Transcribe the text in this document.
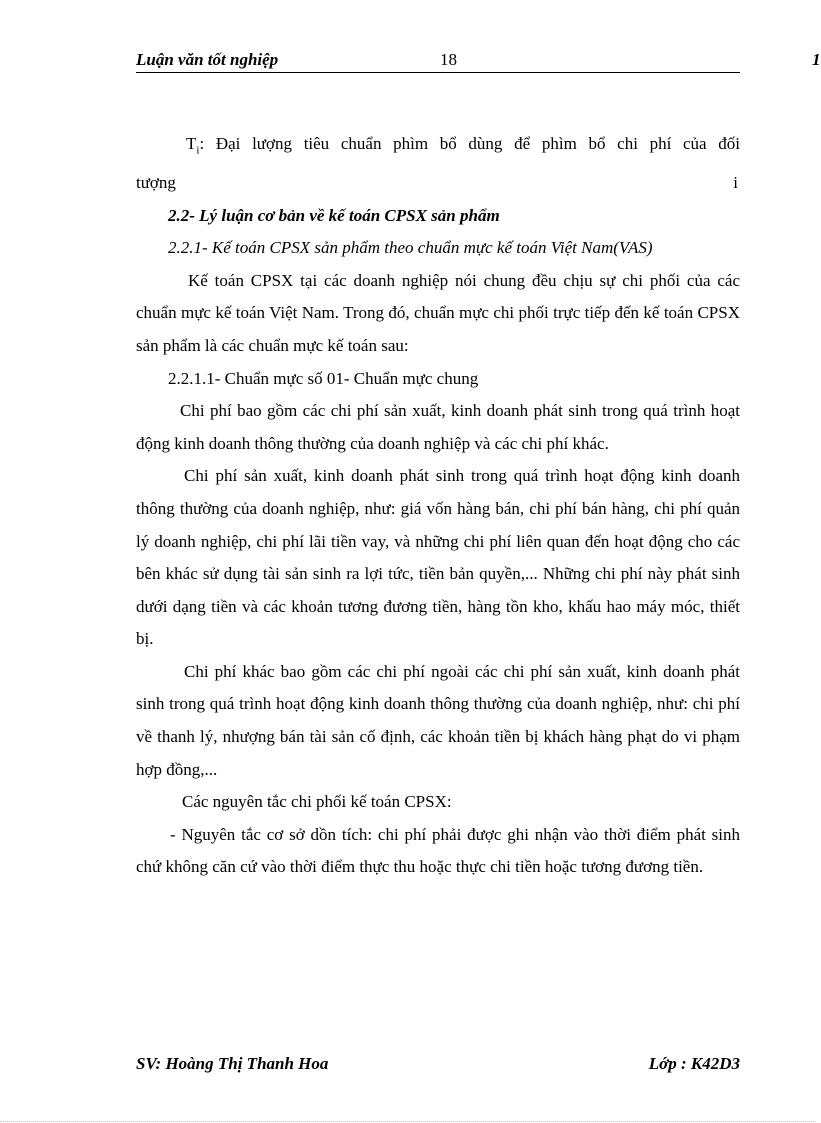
Luận văn tốt nghiệp	18	1

$T_i$: Đại lượng tiêu chuẩn phìm bổ dùng để phìm bổ chi phí của đối

tượng	i

2.2- Lý luận cơ bản về kế toán CPSX sản phẩm

2.2.1- Kế toán CPSX sản phẩm theo chuẩn mực kế toán Việt Nam(VAS)

Kế toán CPSX tại các doanh nghiệp nói chung đều chịu sự chi phối của các chuẩn mực kế toán Việt Nam. Trong đó, chuẩn mực chi phối trực tiếp đến kế toán CPSX sản phẩm là các chuẩn mực kế toán sau:

2.2.1.1- Chuẩn mực số 01- Chuẩn mực chung

Chi phí bao gồm các chi phí sản xuất, kinh doanh phát sinh trong quá trình hoạt động kinh doanh thông thường của doanh nghiệp và các chi phí khác.

Chi phí sản xuất, kinh doanh phát sinh trong quá trình hoạt động kinh doanh thông thường của doanh nghiệp, như: giá vốn hàng bán, chi phí bán hàng, chi phí quản lý doanh nghiệp, chi phí lãi tiền vay, và những chi phí liên quan đến hoạt động cho các bên khác sử dụng tài sản sinh ra lợi tức, tiền bản quyền,... Những chi phí này phát sinh dưới dạng tiền và các khoản tương đương tiền, hàng tồn kho, khấu hao máy móc, thiết bị.

Chi phí khác bao gồm các chi phí ngoài các chi phí sản xuất, kinh doanh phát sinh trong quá trình hoạt động kinh doanh thông thường của doanh nghiệp, như: chi phí về thanh lý, nhượng bán tài sản cố định, các khoản tiền bị khách hàng phạt do vi phạm hợp đồng,...

Các nguyên tắc chi phối kế toán CPSX:

- Nguyên tắc cơ sở dồn tích: chi phí phải được ghi nhận vào thời điểm phát sinh chứ không căn cứ vào thời điểm thực thu hoặc thực chi tiền hoặc tương đương tiền.

SV: Hoàng Thị Thanh Hoa	Lớp : K42D3
